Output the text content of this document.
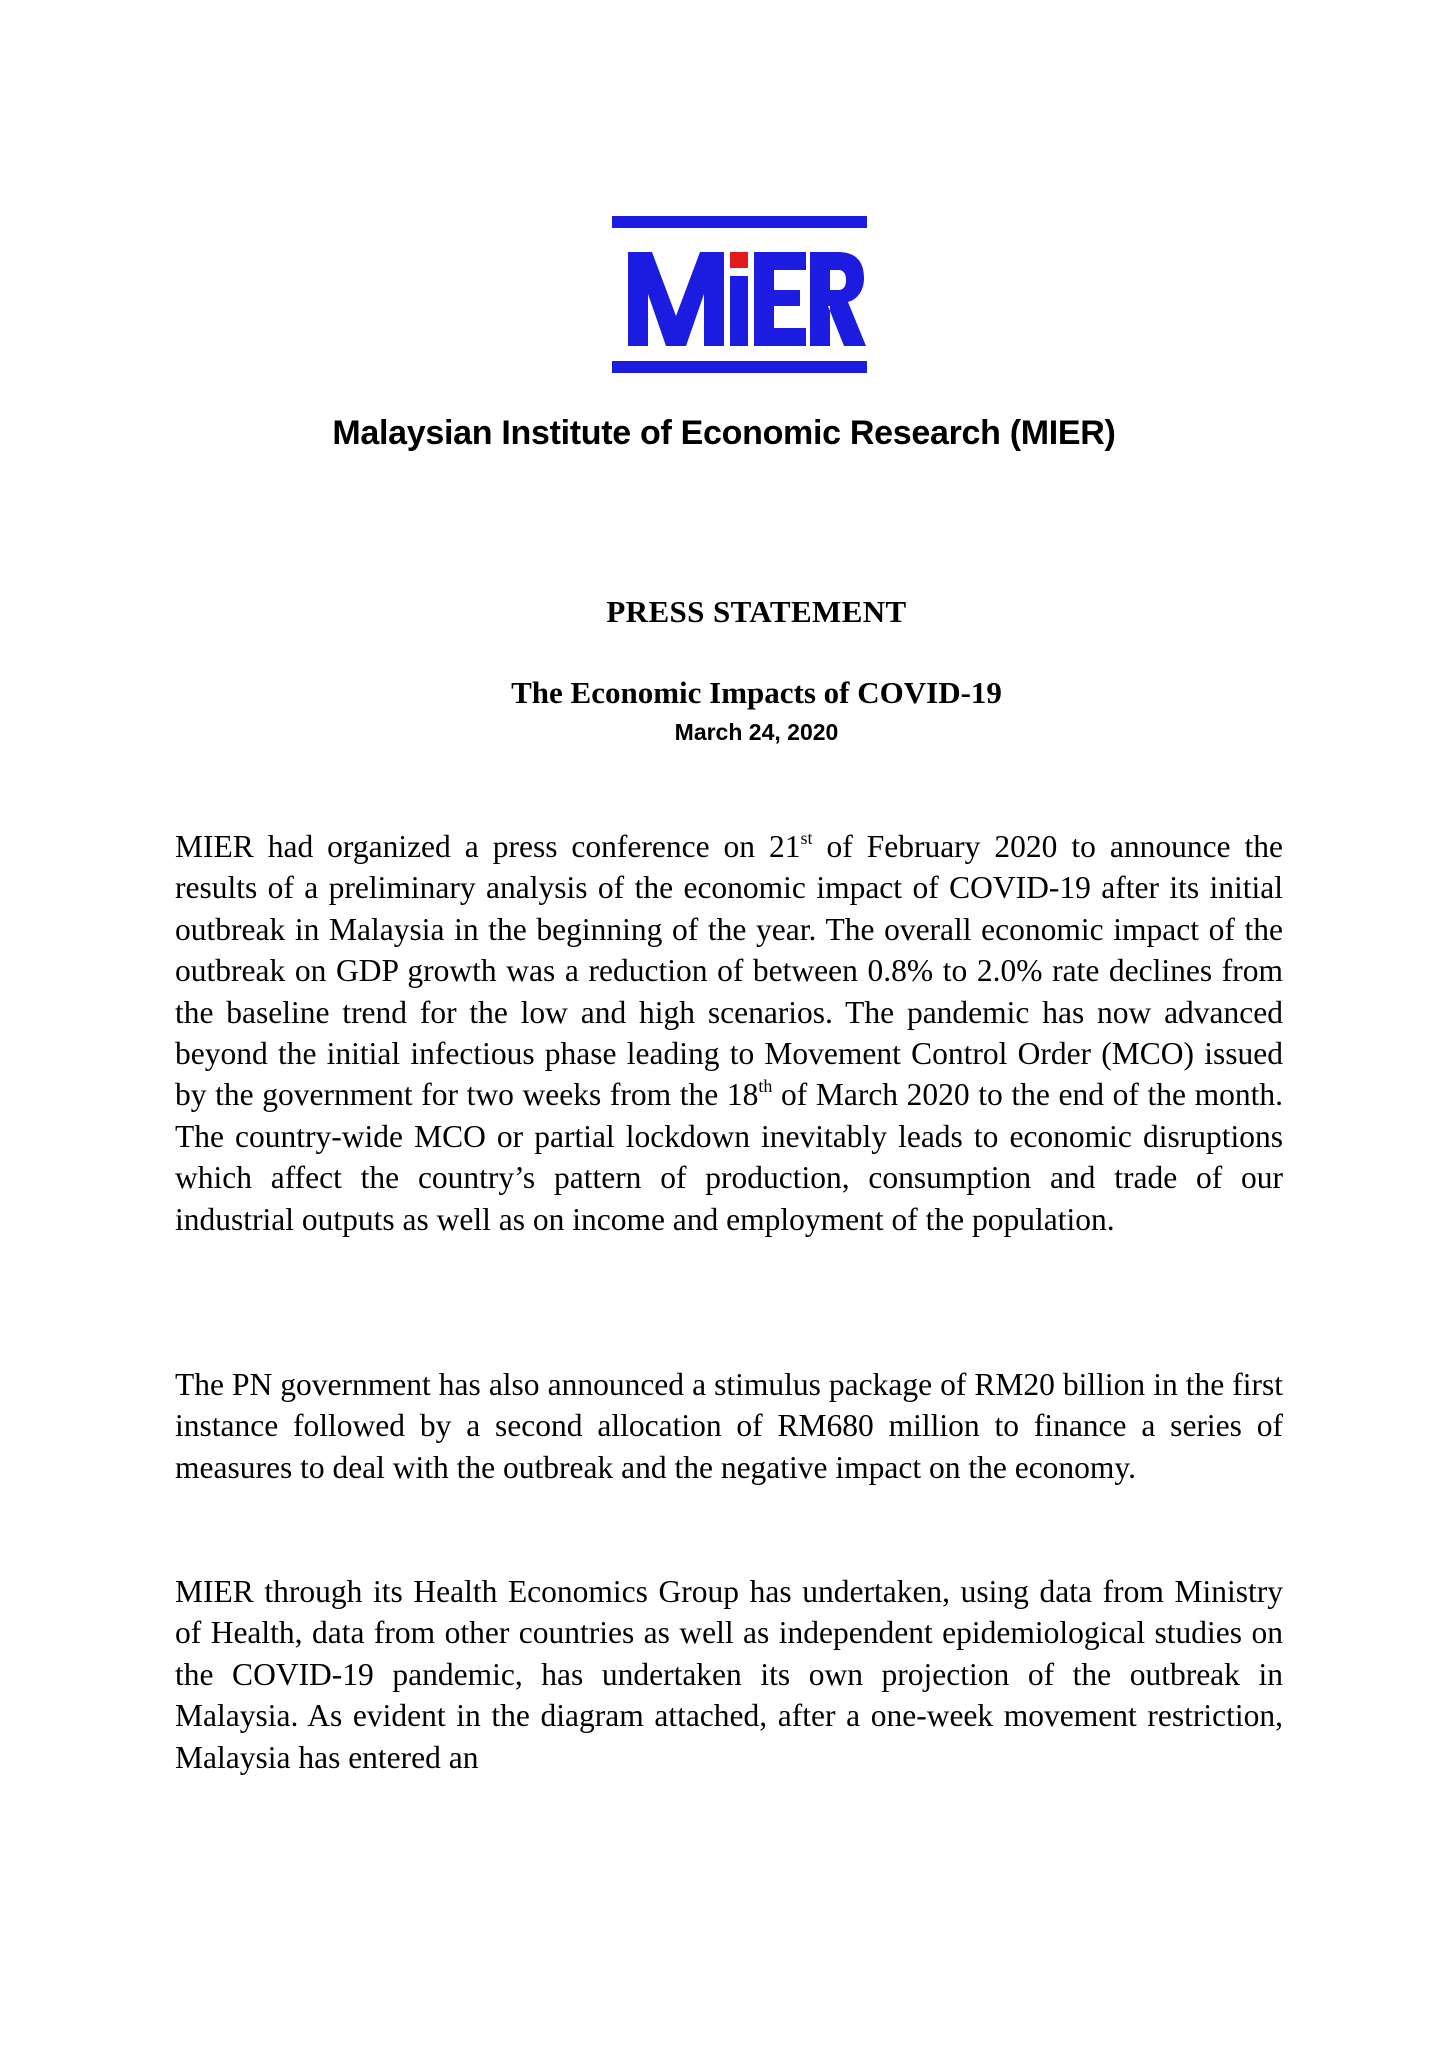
Malaysian Institute of Economic Research (MIER)
PRESS STATEMENT
The Economic Impacts of COVID-19
March 24, 2020

MIER had organized a press conference on 21st of February 2020 to announce the results of a preliminary analysis of the economic impact of COVID-19 after its initial outbreak in Malaysia in the beginning of the year. The overall economic impact of the outbreak on GDP growth was a reduction of between 0.8% to 2.0% rate declines from the baseline trend for the low and high scenarios. The pandemic has now advanced beyond the initial infectious phase leading to Movement Control Order (MCO) issued by the government for two weeks from the 18th of March 2020 to the end of the month. The country-wide MCO or partial lockdown inevitably leads to economic disruptions which affect the country’s pattern of production, consumption and trade of our industrial outputs as well as on income and employment of the population.

The PN government has also announced a stimulus package of RM20 billion in the first instance followed by a second allocation of RM680 million to finance a series of measures to deal with the outbreak and the negative impact on the economy.

MIER through its Health Economics Group has undertaken, using data from Ministry of Health, data from other countries as well as independent epidemiological studies on the COVID-19 pandemic, has undertaken its own projection of the outbreak in Malaysia. As evident in the diagram attached, after a one-week movement restriction, Malaysia has entered an
